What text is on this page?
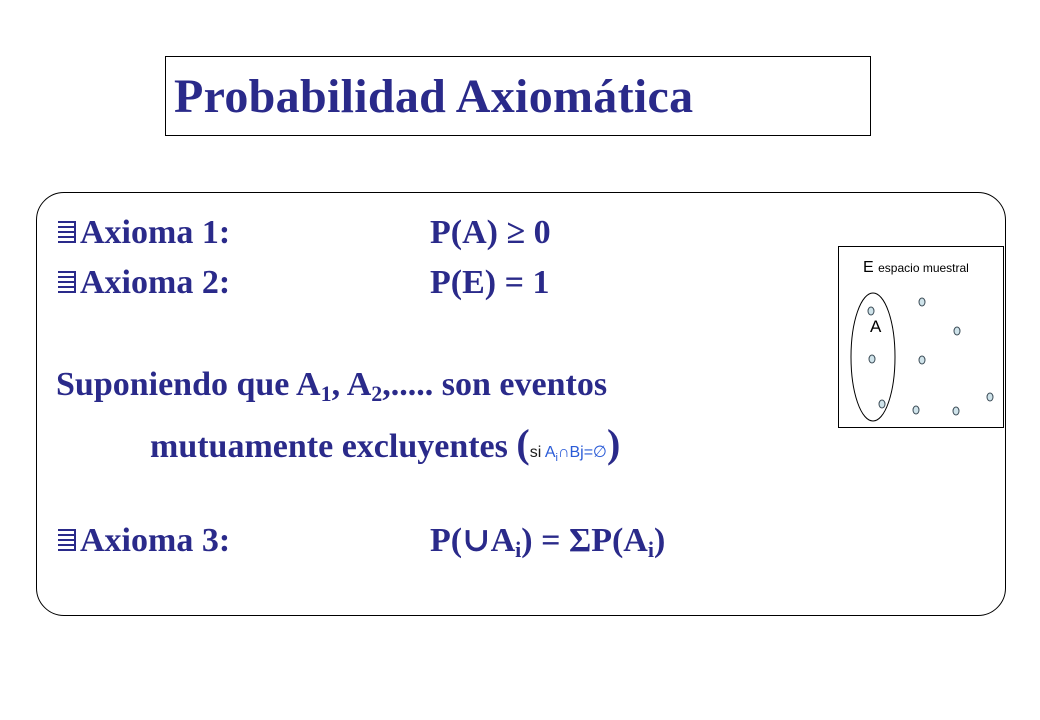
Probabilidad Axiomática
Axioma 1:	P(A) ≥ 0
Axioma 2:	P(E) = 1
Suponiendo que $A_1$, $A_2$,..... son eventos
mutuamente excluyentes (si $A_i\cap Bj=\emptyset$)
Axioma 3:	$P(\cup A_i) = \Sigma P(A_i)$
E espacio muestral
A
